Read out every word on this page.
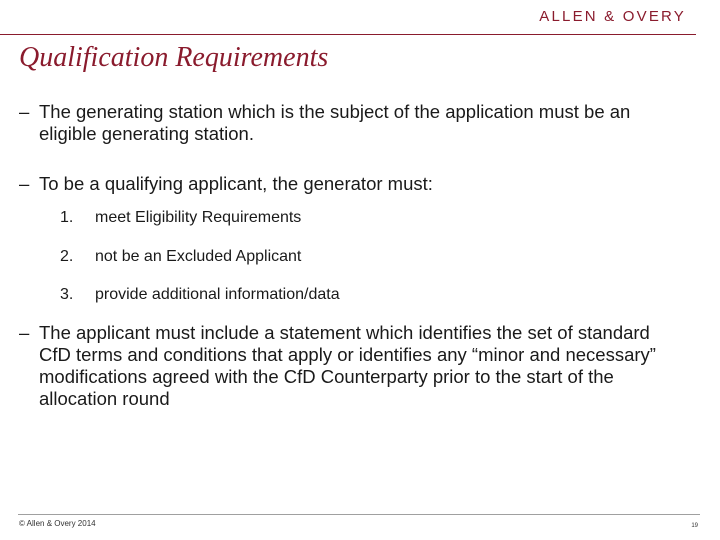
ALLEN & OVERY
Qualification Requirements
– The generating station which is the subject of the application must be an eligible generating station.
– To be a qualifying applicant, the generator must:
1. meet Eligibility Requirements
2. not be an Excluded Applicant
3. provide additional information/data
– The applicant must include a statement which identifies the set of standard CfD terms and conditions that apply or identifies any “minor and necessary” modifications agreed with the CfD Counterparty prior to the start of the allocation round
© Allen & Overy 2014	19
